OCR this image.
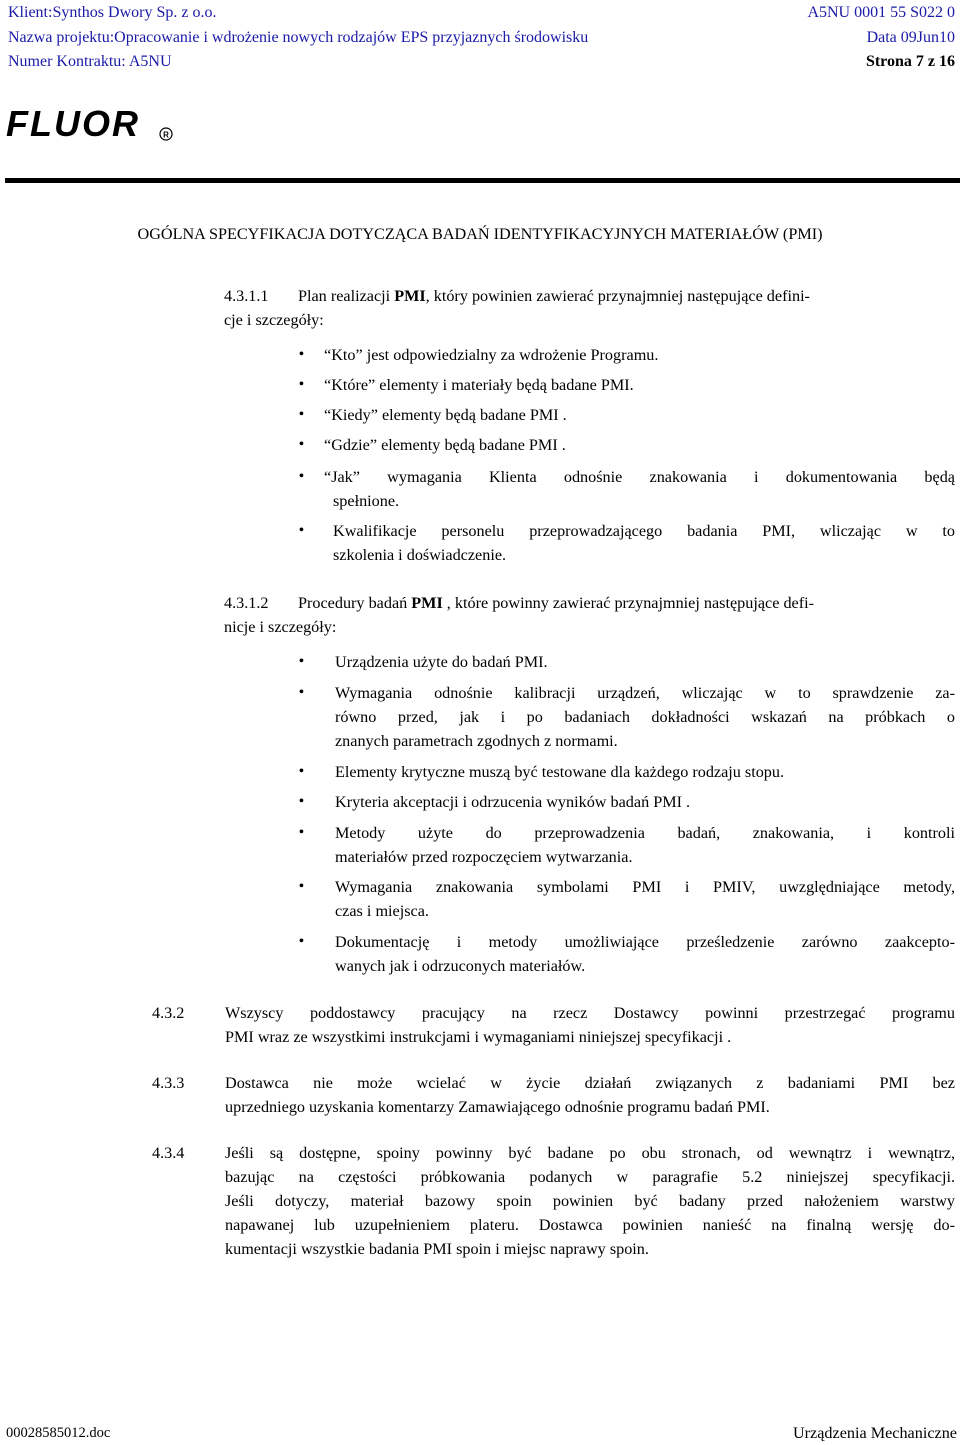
Klient:Synthos Dwory Sp. z o.o.	A5NU 0001 55 S022 0
Nazwa projektu:Opracowanie i wdrożenie nowych rodzajów EPS przyjaznych środowisku	Data 09Jun10
Numer Kontraktu: A5NU	Strona 7 z 16
FLUOR	R
OGÓLNA SPECYFIKACJA DOTYCZĄCA BADAŃ IDENTYFIKACYJNYCH MATERIAŁÓW (PMI)
4.3.1.1 Plan realizacji PMI, który powinien zawierać przynajmniej następujące defini-
cje i szczegóły:
• “Kto” jest odpowiedzialny za wdrożenie Programu.
• “Które” elementy i materiały będą badane PMI.
• “Kiedy” elementy będą badane PMI .
• “Gdzie” elementy będą badane PMI .
• “Jak” wymagania Klienta odnośnie znakowania i dokumentowania będą
spełnione.
• Kwalifikacje personelu przeprowadzającego badania PMI, wliczając w to
szkolenia i doświadczenie.
4.3.1.2 Procedury badań PMI , które powinny zawierać przynajmniej następujące defi-
nicje i szczegóły:
• Urządzenia użyte do badań PMI.
• Wymagania odnośnie kalibracji urządzeń, wliczając w to sprawdzenie za-
równo przed, jak i po badaniach dokładności wskazań na próbkach o
znanych parametrach zgodnych z normami.
• Elementy krytyczne muszą być testowane dla każdego rodzaju stopu.
• Kryteria akceptacji i odrzucenia wyników badań PMI .
• Metody użyte do przeprowadzenia badań, znakowania, i kontroli
materiałów przed rozpoczęciem wytwarzania.
• Wymagania znakowania symbolami PMI i PMIV, uwzględniające metody,
czas i miejsca.
• Dokumentację i metody umożliwiające prześledzenie zarówno zaakcepto-
wanych jak i odrzuconych materiałów.
4.3.2	Wszyscy poddostawcy pracujący na rzecz Dostawcy powinni przestrzegać programu
PMI wraz ze wszystkimi instrukcjami i wymaganiami niniejszej specyfikacji .
4.3.3	Dostawca nie może wcielać w życie działań związanych z badaniami PMI bez
uprzedniego uzyskania komentarzy Zamawiającego odnośnie programu badań PMI.
4.3.4	Jeśli są dostępne, spoiny powinny być badane po obu stronach, od wewnątrz i wewnątrz,
bazując na częstości próbkowania podanych w paragrafie 5.2 niniejszej specyfikacji.
Jeśli dotyczy, materiał bazowy spoin powinien być badany przed nałożeniem warstwy
napawanej lub uzupełnieniem plateru. Dostawca powinien nanieść na finalną wersję do-
kumentacji wszystkie badania PMI spoin i miejsc naprawy spoin.
00028585012.doc	Urządzenia Mechaniczne
